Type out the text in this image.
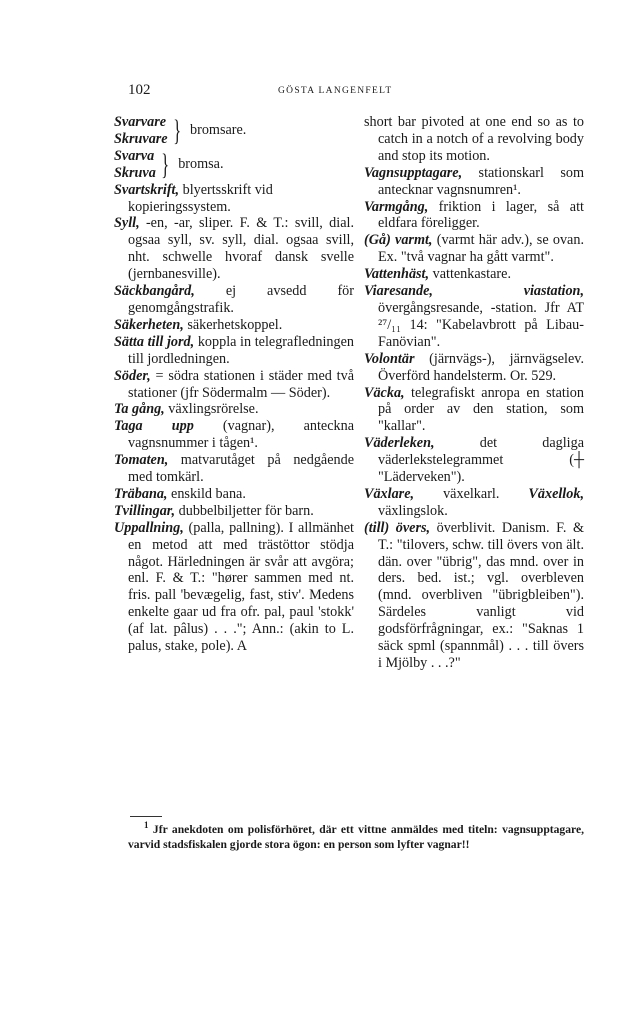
102	GÖSTA LANGENFELT
Svarvare
Skruvare } bromsare.
Svarva
Skruva } bromsa.
Svartskrift, blyertsskrift vid kopieringssystem.
Syll, -en, -ar, sliper. F. & T.: svill, dial. ogsaa syll, sv. syll, dial. ogsaa svill, nht. schwelle hvoraf dansk svelle (jernbanesville).
Säckbangård, ej avsedd för genomgångstrafik.
Säkerheten, säkerhetskoppel.
Sätta till jord, koppla in telegrafledningen till jordledningen.
Söder, = södra stationen i städer med två stationer (jfr Södermalm — Söder).
Ta gång, växlingsrörelse.
Taga upp (vagnar), anteckna vagnsnummer i tågen¹.
Tomaten, matvarutåget på nedgående med tomkärl.
Träbana, enskild bana.
Tvillingar, dubbelbiljetter för barn.
Uppallning, (palla, pallning). I allmänhet en metod att med trästöttor stödja något. Härledningen är svår att avgöra; enl. F. & T.: "hører sammen med nt. fris. pall 'bevægelig, fast, stiv'. Medens enkelte gaar ud fra ofr. pal, paul 'stokk' (af lat. pâlus) . . ."; Ann.: (akin to L. palus, stake, pole). A
short bar pivoted at one end so as to catch in a notch of a revolving body and stop its motion.
Vagnsupptagare, stationskarl som antecknar vagnsnumren¹.
Varmgång, friktion i lager, så att eldfara föreligger.
(Gå) varmt, (varmt här adv.), se ovan. Ex. "två vagnar ha gått varmt".
Vattenhäst, vattenkastare.
Viaresande, viastation, övergångsresande, -station. Jfr AT ²⁷/₁₁ 14: "Kabelavbrott på Libau-Fanövian".
Volontär (järnvägs-), järnvägselev. Överförd handelsterm. Or. 529.
Väcka, telegrafiskt anropa en station på order av den station, som "kallar".
Väderleken, det dagliga väderlekstelegrammet (┼ "Läderveken").
Växlare, växelkarl. Växellok, växlingslok.
(till) övers, överblivit. Danism. F. & T.: "tilovers, schw. till övers von ält. dän. over "übrig", das mnd. over in ders. bed. ist.; vgl. overbleven (mnd. overbliven "übrigbleiben"). Särdeles vanligt vid godsförfrågningar, ex.: "Saknas 1 säck spml (spannmål) . . . till övers i Mjölby . . .?"
$^1$ Jfr anekdoten om polisförhöret, där ett vittne anmäldes med titeln: vagnsupptagare, varvid stadsfiskalen gjorde stora ögon: en person som lyfter vagnar!!
